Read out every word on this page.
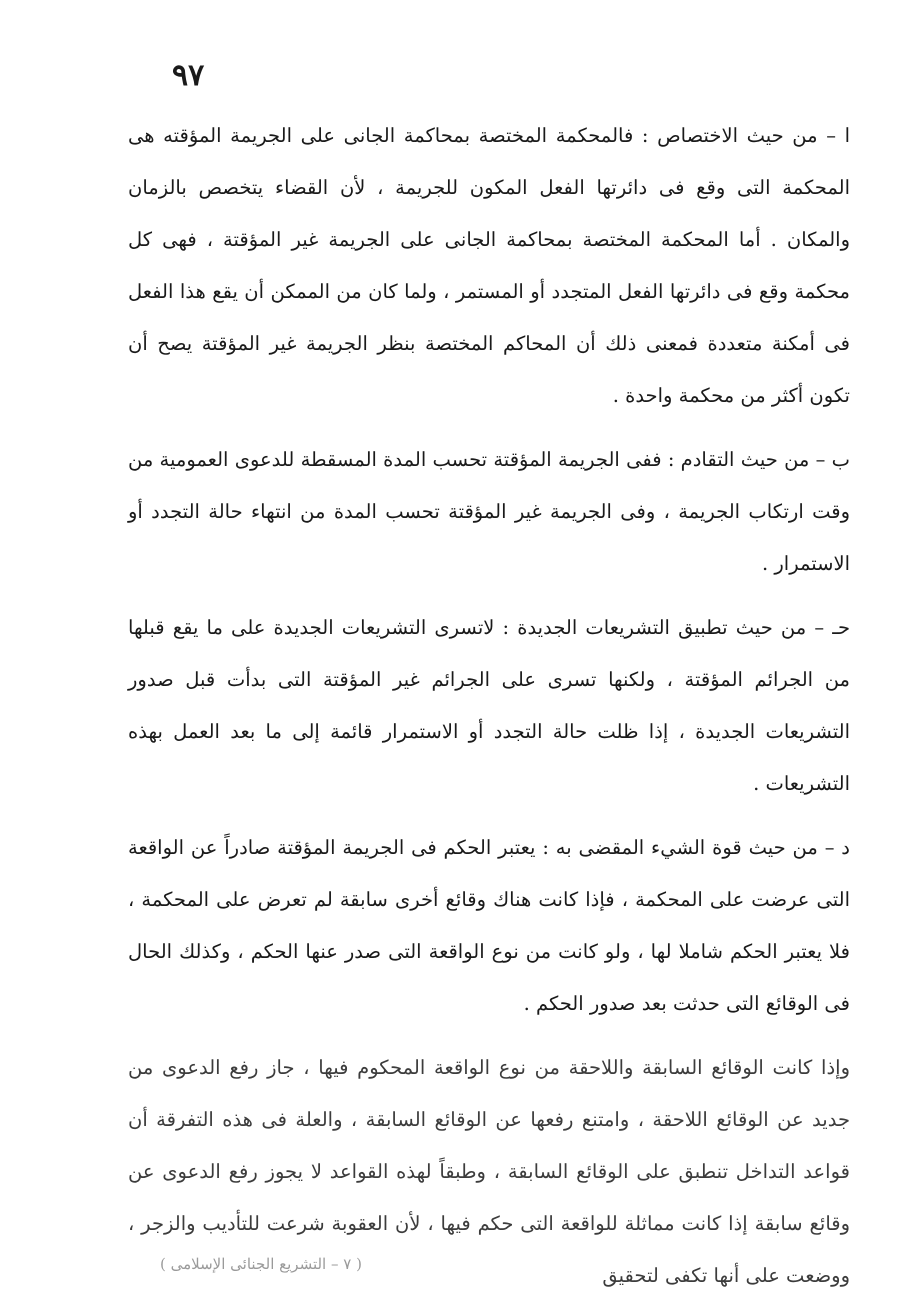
٩٧

ا – من حيث الاختصاص : فالمحكمة المختصة بمحاكمة الجانى على الجريمة المؤقته هى المحكمة التى وقع فى دائرتها الفعل المكون للجريمة ، لأن القضاء يتخصص بالزمان والمكان . أما المحكمة المختصة بمحاكمة الجانى على الجريمة غير المؤقتة ، فهى كل محكمة وقع فى دائرتها الفعل المتجدد أو المستمر ، ولما كان من الممكن أن يقع هذا الفعل فى أمكنة متعددة فمعنى ذلك أن المحاكم المختصة بنظر الجريمة غير المؤقتة يصح أن تكون أكثر من محكمة واحدة .

ب – من حيث التقادم : ففى الجريمة المؤقتة تحسب المدة المسقطة للدعوى العمومية من وقت ارتكاب الجريمة ، وفى الجريمة غير المؤقتة تحسب المدة من انتهاء حالة التجدد أو الاستمرار .

حـ – من حيث تطبيق التشريعات الجديدة : لاتسرى التشريعات الجديدة على ما يقع قبلها من الجرائم المؤقتة ، ولكنها تسرى على الجرائم غير المؤقتة التى بدأت قبل صدور التشريعات الجديدة ، إذا ظلت حالة التجدد أو الاستمرار قائمة إلى ما بعد العمل بهذه التشريعات .

د – من حيث قوة الشيء المقضى به : يعتبر الحكم فى الجريمة المؤقتة صادراً عن الواقعة التى عرضت على المحكمة ، فإذا كانت هناك وقائع أخرى سابقة لم تعرض على المحكمة ، فلا يعتبر الحكم شاملا لها ، ولو كانت من نوع الواقعة التى صدر عنها الحكم ، وكذلك الحال فى الوقائع التى حدثت بعد صدور الحكم .

وإذا كانت الوقائع السابقة واللاحقة من نوع الواقعة المحكوم فيها ، جاز رفع الدعوى من جديد عن الوقائع اللاحقة ، وامتنع رفعها عن الوقائع السابقة ، والعلة فى هذه التفرقة أن قواعد التداخل تنطبق على الوقائع السابقة ، وطبقاً لهذه القواعد لا يجوز رفع الدعوى عن وقائع سابقة إذا كانت مماثلة للواقعة التى حكم فيها ، لأن العقوبة شرعت للتأديب والزجر ، ووضعت على أنها تكفى لتحقيق

( ٧ – التشريع الجنائى الإسلامى )
